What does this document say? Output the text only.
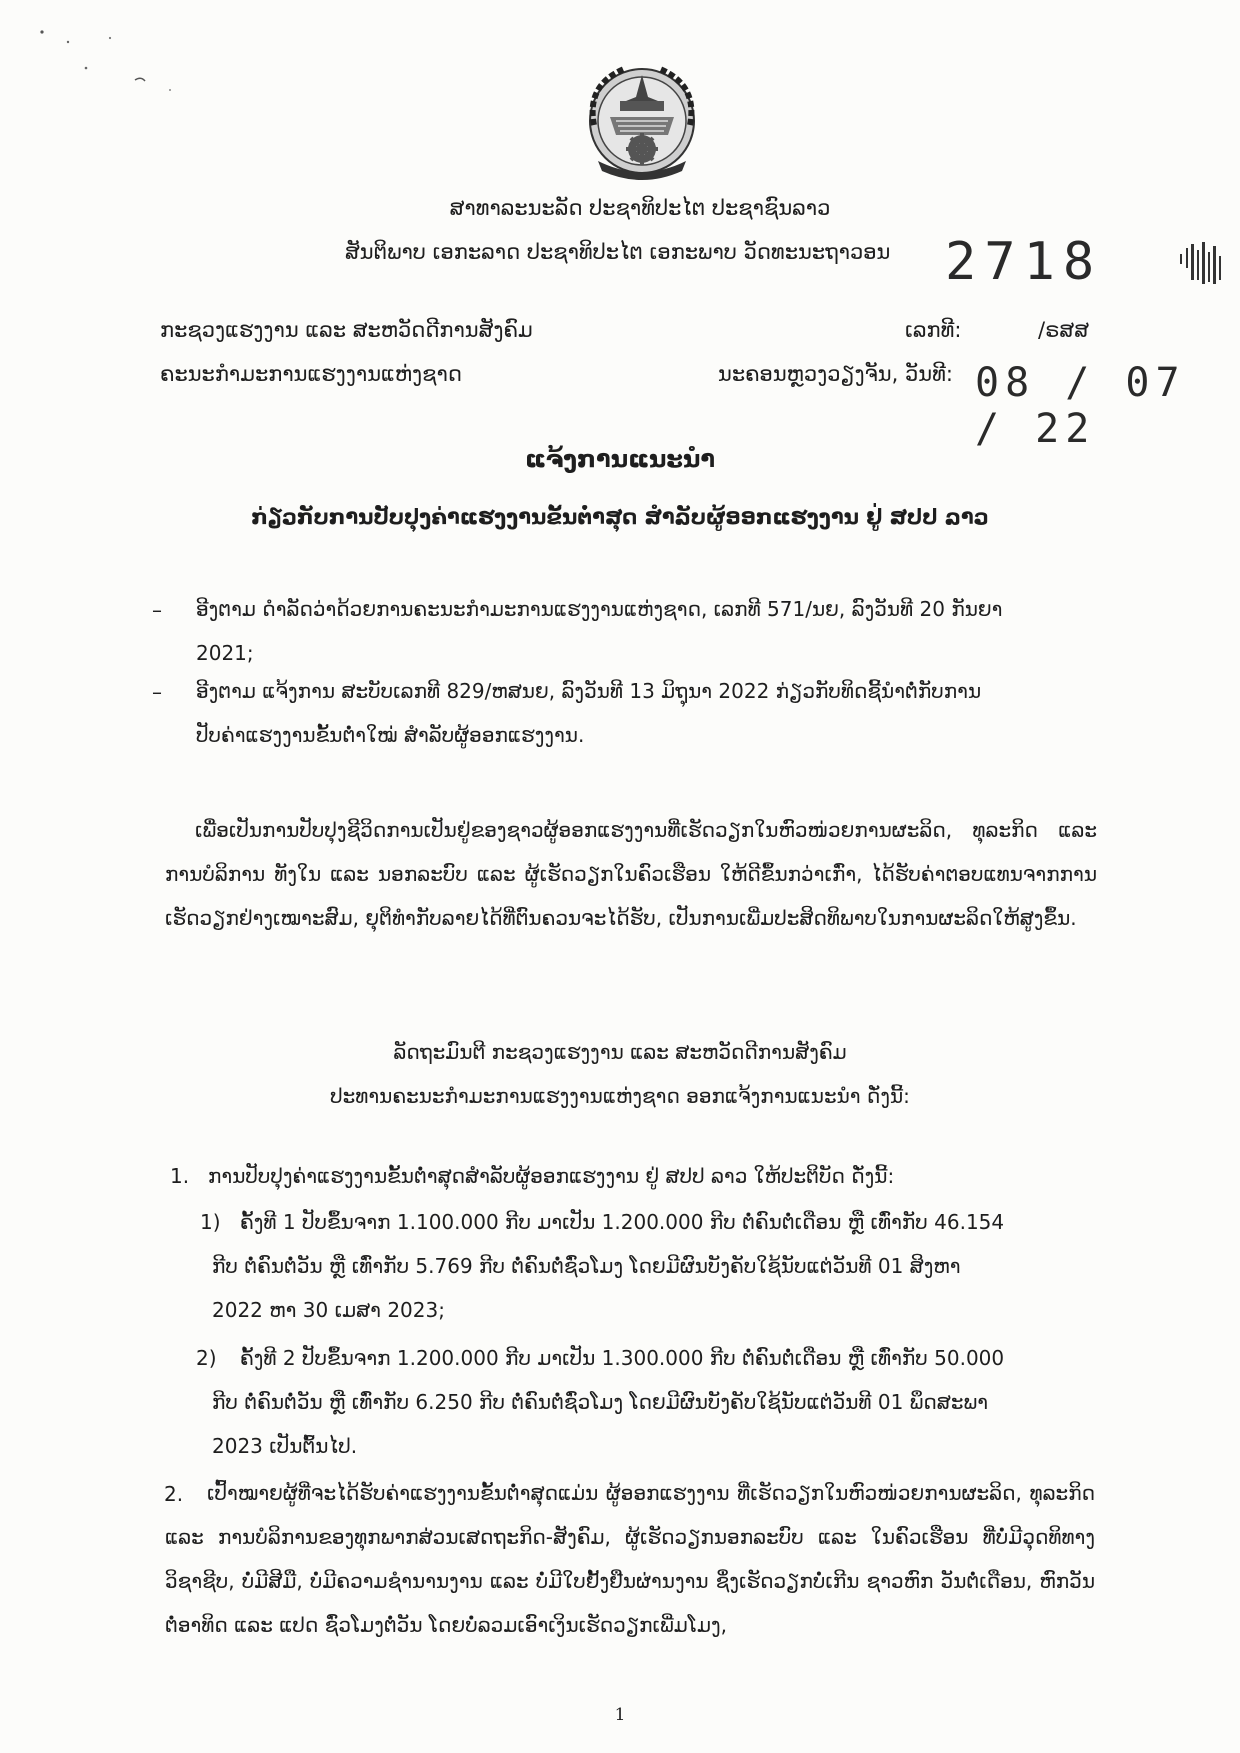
ສາທາລະນະລັດ ປະຊາທິປະໄຕ ປະຊາຊົນລາວ
ສັນຕິພາບ ເອກະລາດ ປະຊາທິປະໄຕ ເອກະພາບ ວັດທະນະຖາວອນ 2718
ກະຊວງແຮງງານ ແລະ ສະຫວັດດີການສັງຄົມ
ຄະນະກໍາມະການແຮງງານແຫ່ງຊາດ
ເລກທີ:	/ຣສສ
ນະຄອນຫຼວງວຽງຈັນ, ວັນທີ: 08 / 07 / 22
ແຈ້ງການແນະນໍາ
ກ່ຽວກັບການປັບປຸງຄ່າແຮງງານຂັ້ນຕໍ່າສຸດ ສໍາລັບຜູ້ອອກແຮງງານ ຢູ່ ສປປ ລາວ
– ອີງຕາມ ດໍາລັດວ່າດ້ວຍການຄະນະກໍາມະການແຮງງານແຫ່ງຊາດ, ເລກທີ 571/ນຍ, ລົງວັນທີ 20 ກັນຍາ
2021;
– ອີງຕາມ ແຈ້ງການ ສະບັບເລກທີ 829/ຫສນຍ, ລົງວັນທີ 13 ມິຖຸນາ 2022 ກ່ຽວກັບທິດຊີ້ນໍາຕໍ່ກັບການ
ປັບຄ່າແຮງງານຂັ້ນຕໍ່າໃໝ່ ສໍາລັບຜູ້ອອກແຮງງານ.
ເພື່ອເປັນການປັບປຸງຊີວິດການເປັນຢູ່ຂອງຊາວຜູ້ອອກແຮງງານທີ່ເຮັດວຽກໃນຫົວໜ່ວຍການຜະລິດ, ທຸລະກິດ ແລະ ການບໍລິການ ທັງໃນ ແລະ ນອກລະບົບ ແລະ ຜູ້ເຮັດວຽກໃນຄົວເຮືອນ ໃຫ້ດີຂຶ້ນກວ່າເກົ່າ, ໄດ້ຮັບຄ່າຕອບແທນຈາກການເຮັດວຽກຢ່າງເໝາະສົມ, ຍຸຕິທໍາກັບລາຍໄດ້ທີ່ຕົນຄວນຈະໄດ້ຮັບ, ເປັນການເພີ່ມປະສິດທິພາບໃນການຜະລິດໃຫ້ສູງຂຶ້ນ.
ລັດຖະມົນຕີ ກະຊວງແຮງງານ ແລະ ສະຫວັດດີການສັງຄົມ
ປະທານຄະນະກໍາມະການແຮງງານແຫ່ງຊາດ ອອກແຈ້ງການແນະນໍາ ດັ່ງນີ້:
1. ການປັບປຸງຄ່າແຮງງານຂັ້ນຕໍ່າສຸດສໍາລັບຜູ້ອອກແຮງງານ ຢູ່ ສປປ ລາວ ໃຫ້ປະຕິບັດ ດັ່ງນີ້:
1) ຄັ້ງທີ 1 ປັບຂຶ້ນຈາກ 1.100.000 ກີບ ມາເປັນ 1.200.000 ກີບ ຕໍ່ຄົນຕໍ່ເດືອນ ຫຼື ເທົ່າກັບ 46.154
ກີບ ຕໍ່ຄົນຕໍ່ວັນ ຫຼື ເທົ່າກັບ 5.769 ກີບ ຕໍ່ຄົນຕໍ່ຊົ່ວໂມງ ໂດຍມີຜົນບັງຄັບໃຊ້ນັບແຕ່ວັນທີ 01 ສິງຫາ
2022 ຫາ 30 ເມສາ 2023;
2) ຄັ້ງທີ 2 ປັບຂຶ້ນຈາກ 1.200.000 ກີບ ມາເປັນ 1.300.000 ກີບ ຕໍ່ຄົນຕໍ່ເດືອນ ຫຼື ເທົ່າກັບ 50.000
ກີບ ຕໍ່ຄົນຕໍ່ວັນ ຫຼື ເທົ່າກັບ 6.250 ກີບ ຕໍ່ຄົນຕໍ່ຊົ່ວໂມງ ໂດຍມີຜົນບັງຄັບໃຊ້ນັບແຕ່ວັນທີ 01 ພຶດສະພາ
2023 ເປັນຕົ້ນໄປ.
2.	ເປົ້າໝາຍຜູ້ທີ່ຈະໄດ້ຮັບຄ່າແຮງງານຂັ້ນຕໍ່າສຸດແມ່ນ ຜູ້ອອກແຮງງານ ທີ່ເຮັດວຽກໃນຫົວໜ່ວຍການຜະລິດ, ທຸລະກິດ ແລະ ການບໍລິການຂອງທຸກພາກສ່ວນເສດຖະກິດ-ສັງຄົມ, ຜູ້ເຮັດວຽກນອກລະບົບ ແລະ ໃນຄົວເຮືອນ ທີ່ບໍ່ມີວຸດທິທາງວິຊາຊີບ, ບໍ່ມີສີມື, ບໍ່ມີຄວາມຊໍານານງານ ແລະ ບໍ່ມີໃບຢັ້ງຢືນຜ່ານງານ ຊຶ່ງເຮັດວຽກບໍ່ເກີນ ຊາວຫົກ ວັນຕໍ່ເດືອນ, ຫົກວັນຕໍ່ອາທິດ ແລະ ແປດ ຊົ່ວໂມງຕໍ່ວັນ ໂດຍບໍ່ລວມເອົາເງິນເຮັດວຽກເພີ່ມໂມງ,
1
